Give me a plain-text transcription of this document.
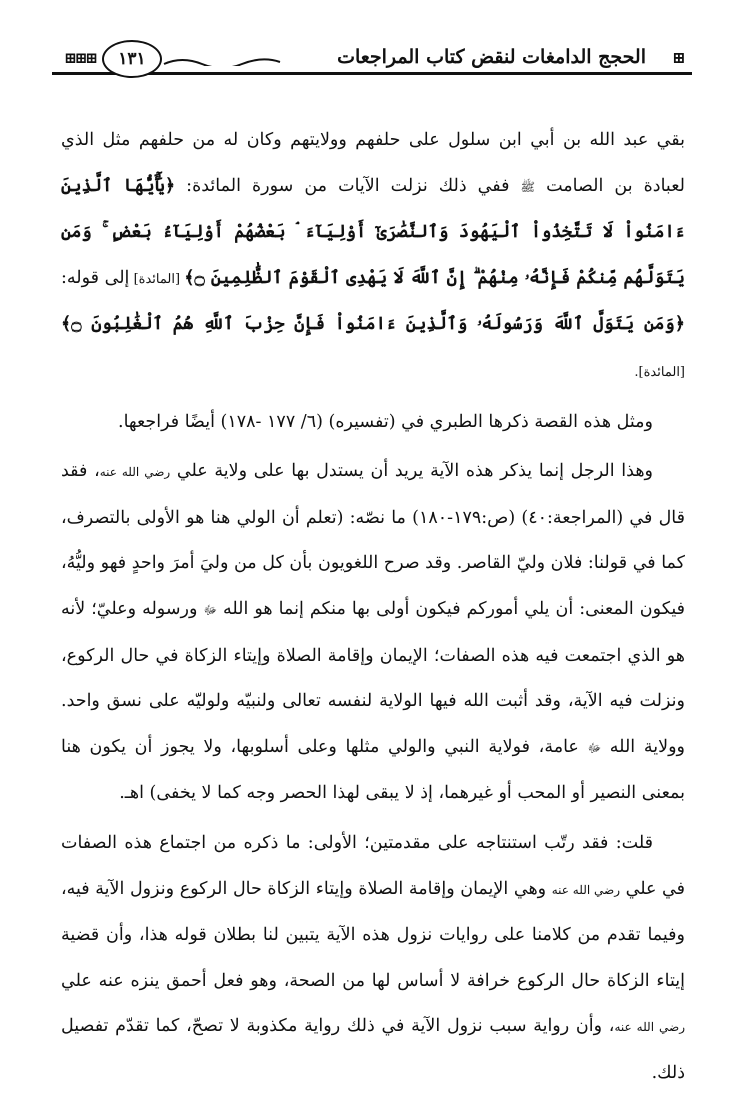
⊞
الحجج الدامغات لنقض كتاب المراجعات
١٣١
⊞⊞⊞

بقي عبد الله بن أبي ابن سلول على حلفهم وولايتهم وكان له من حلفهم مثل الذي لعبادة بن الصامت ﷺ ففي ذلك نزلت الآيات من سورة المائدة: ﴿يَٰٓأَيُّهَا ٱلَّذِينَ ءَامَنُواْ لَا تَتَّخِذُواْ ٱلْيَهُودَ وَٱلنَّصَٰرَىٰٓ أَوْلِيَآءَ ۘ بَعْضُهُمْ أَوْلِيَآءُ بَعْضٍ ۚ وَمَن يَتَوَلَّهُم مِّنكُمْ فَإِنَّهُۥ مِنْهُمْ ۗ إِنَّ ٱللَّهَ لَا يَهْدِى ٱلْقَوْمَ ٱلظَّٰلِمِينَ ۝﴾ [المائدة] إلى قوله: ﴿وَمَن يَتَوَلَّ ٱللَّهَ وَرَسُولَهُۥ وَٱلَّذِينَ ءَامَنُواْ فَإِنَّ حِزْبَ ٱللَّهِ هُمُ ٱلْغَٰلِبُونَ ۝﴾ [المائدة].

ومثل هذه القصة ذكرها الطبري في (تفسيره) (٦/ ١٧٧ -١٧٨) أيضًا فراجعها.

وهذا الرجل إنما يذكر هذه الآية يريد أن يستدل بها على ولاية علي رضي الله عنه، فقد قال في (المراجعة:٤٠) (ص:١٧٩-١٨٠) ما نصّه: (تعلم أن الولي هنا هو الأولى بالتصرف، كما في قولنا: فلان وليّ القاصر. وقد صرح اللغويون بأن كل من وليَ أمرَ واحدٍ فهو وليُّهُ، فيكون المعنى: أن يلي أموركم فيكون أولى بها منكم إنما هو الله ﷻ ورسوله وعليّ؛ لأنه هو الذي اجتمعت فيه هذه الصفات؛ الإيمان وإقامة الصلاة وإيتاء الزكاة في حال الركوع، ونزلت فيه الآية، وقد أثبت الله فيها الولاية لنفسه تعالى ولنبيّه ولوليّه على نسق واحد. وولاية الله ﷻ عامة، فولاية النبي والولي مثلها وعلى أسلوبها، ولا يجوز أن يكون هنا بمعنى النصير أو المحب أو غيرهما، إذ لا يبقى لهذا الحصر وجه كما لا يخفى) اهـ.

قلت: فقد رتّب استنتاجه على مقدمتين؛ الأولى: ما ذكره من اجتماع هذه الصفات في علي رضي الله عنه وهي الإيمان وإقامة الصلاة وإيتاء الزكاة حال الركوع ونزول الآية فيه، وفيما تقدم من كلامنا على روايات نزول هذه الآية يتبين لنا بطلان قوله هذا، وأن قضية إيتاء الزكاة حال الركوع خرافة لا أساس لها من الصحة، وهو فعل أحمق ينزه عنه علي رضي الله عنه، وأن رواية سبب نزول الآية في ذلك رواية مكذوبة لا تصحّ، كما تقدّم تفصيل ذلك.
